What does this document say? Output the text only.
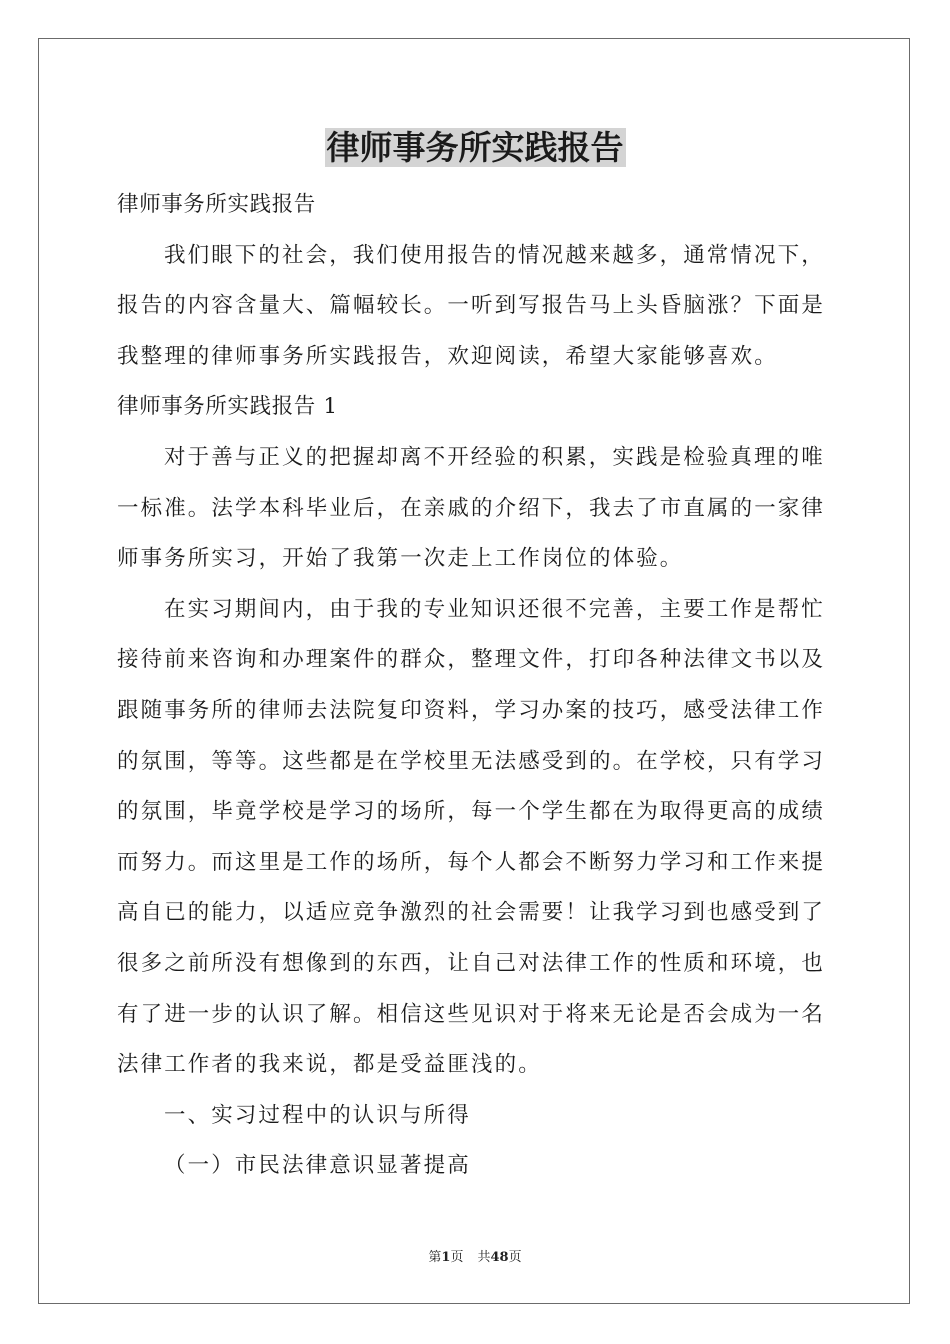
律师事务所实践报告
律师事务所实践报告
我们眼下的社会，我们使用报告的情况越来越多，通常情况下，
报告的内容含量大、篇幅较长。一听到写报告马上头昏脑涨？下面是
我整理的律师事务所实践报告，欢迎阅读，希望大家能够喜欢。
律师事务所实践报告 1
对于善与正义的把握却离不开经验的积累，实践是检验真理的唯
一标准。法学本科毕业后，在亲戚的介绍下，我去了市直属的一家律
师事务所实习，开始了我第一次走上工作岗位的体验。
在实习期间内，由于我的专业知识还很不完善，主要工作是帮忙
接待前来咨询和办理案件的群众，整理文件，打印各种法律文书以及
跟随事务所的律师去法院复印资料，学习办案的技巧，感受法律工作
的氛围，等等。这些都是在学校里无法感受到的。在学校，只有学习
的氛围，毕竟学校是学习的场所，每一个学生都在为取得更高的成绩
而努力。而这里是工作的场所，每个人都会不断努力学习和工作来提
高自已的能力，以适应竞争激烈的社会需要！让我学习到也感受到了
很多之前所没有想像到的东西，让自己对法律工作的性质和环境，也
有了进一步的认识了解。相信这些见识对于将来无论是否会成为一名
法律工作者的我来说，都是受益匪浅的。
一、实习过程中的认识与所得
（一）市民法律意识显著提高
第1页 共48页
